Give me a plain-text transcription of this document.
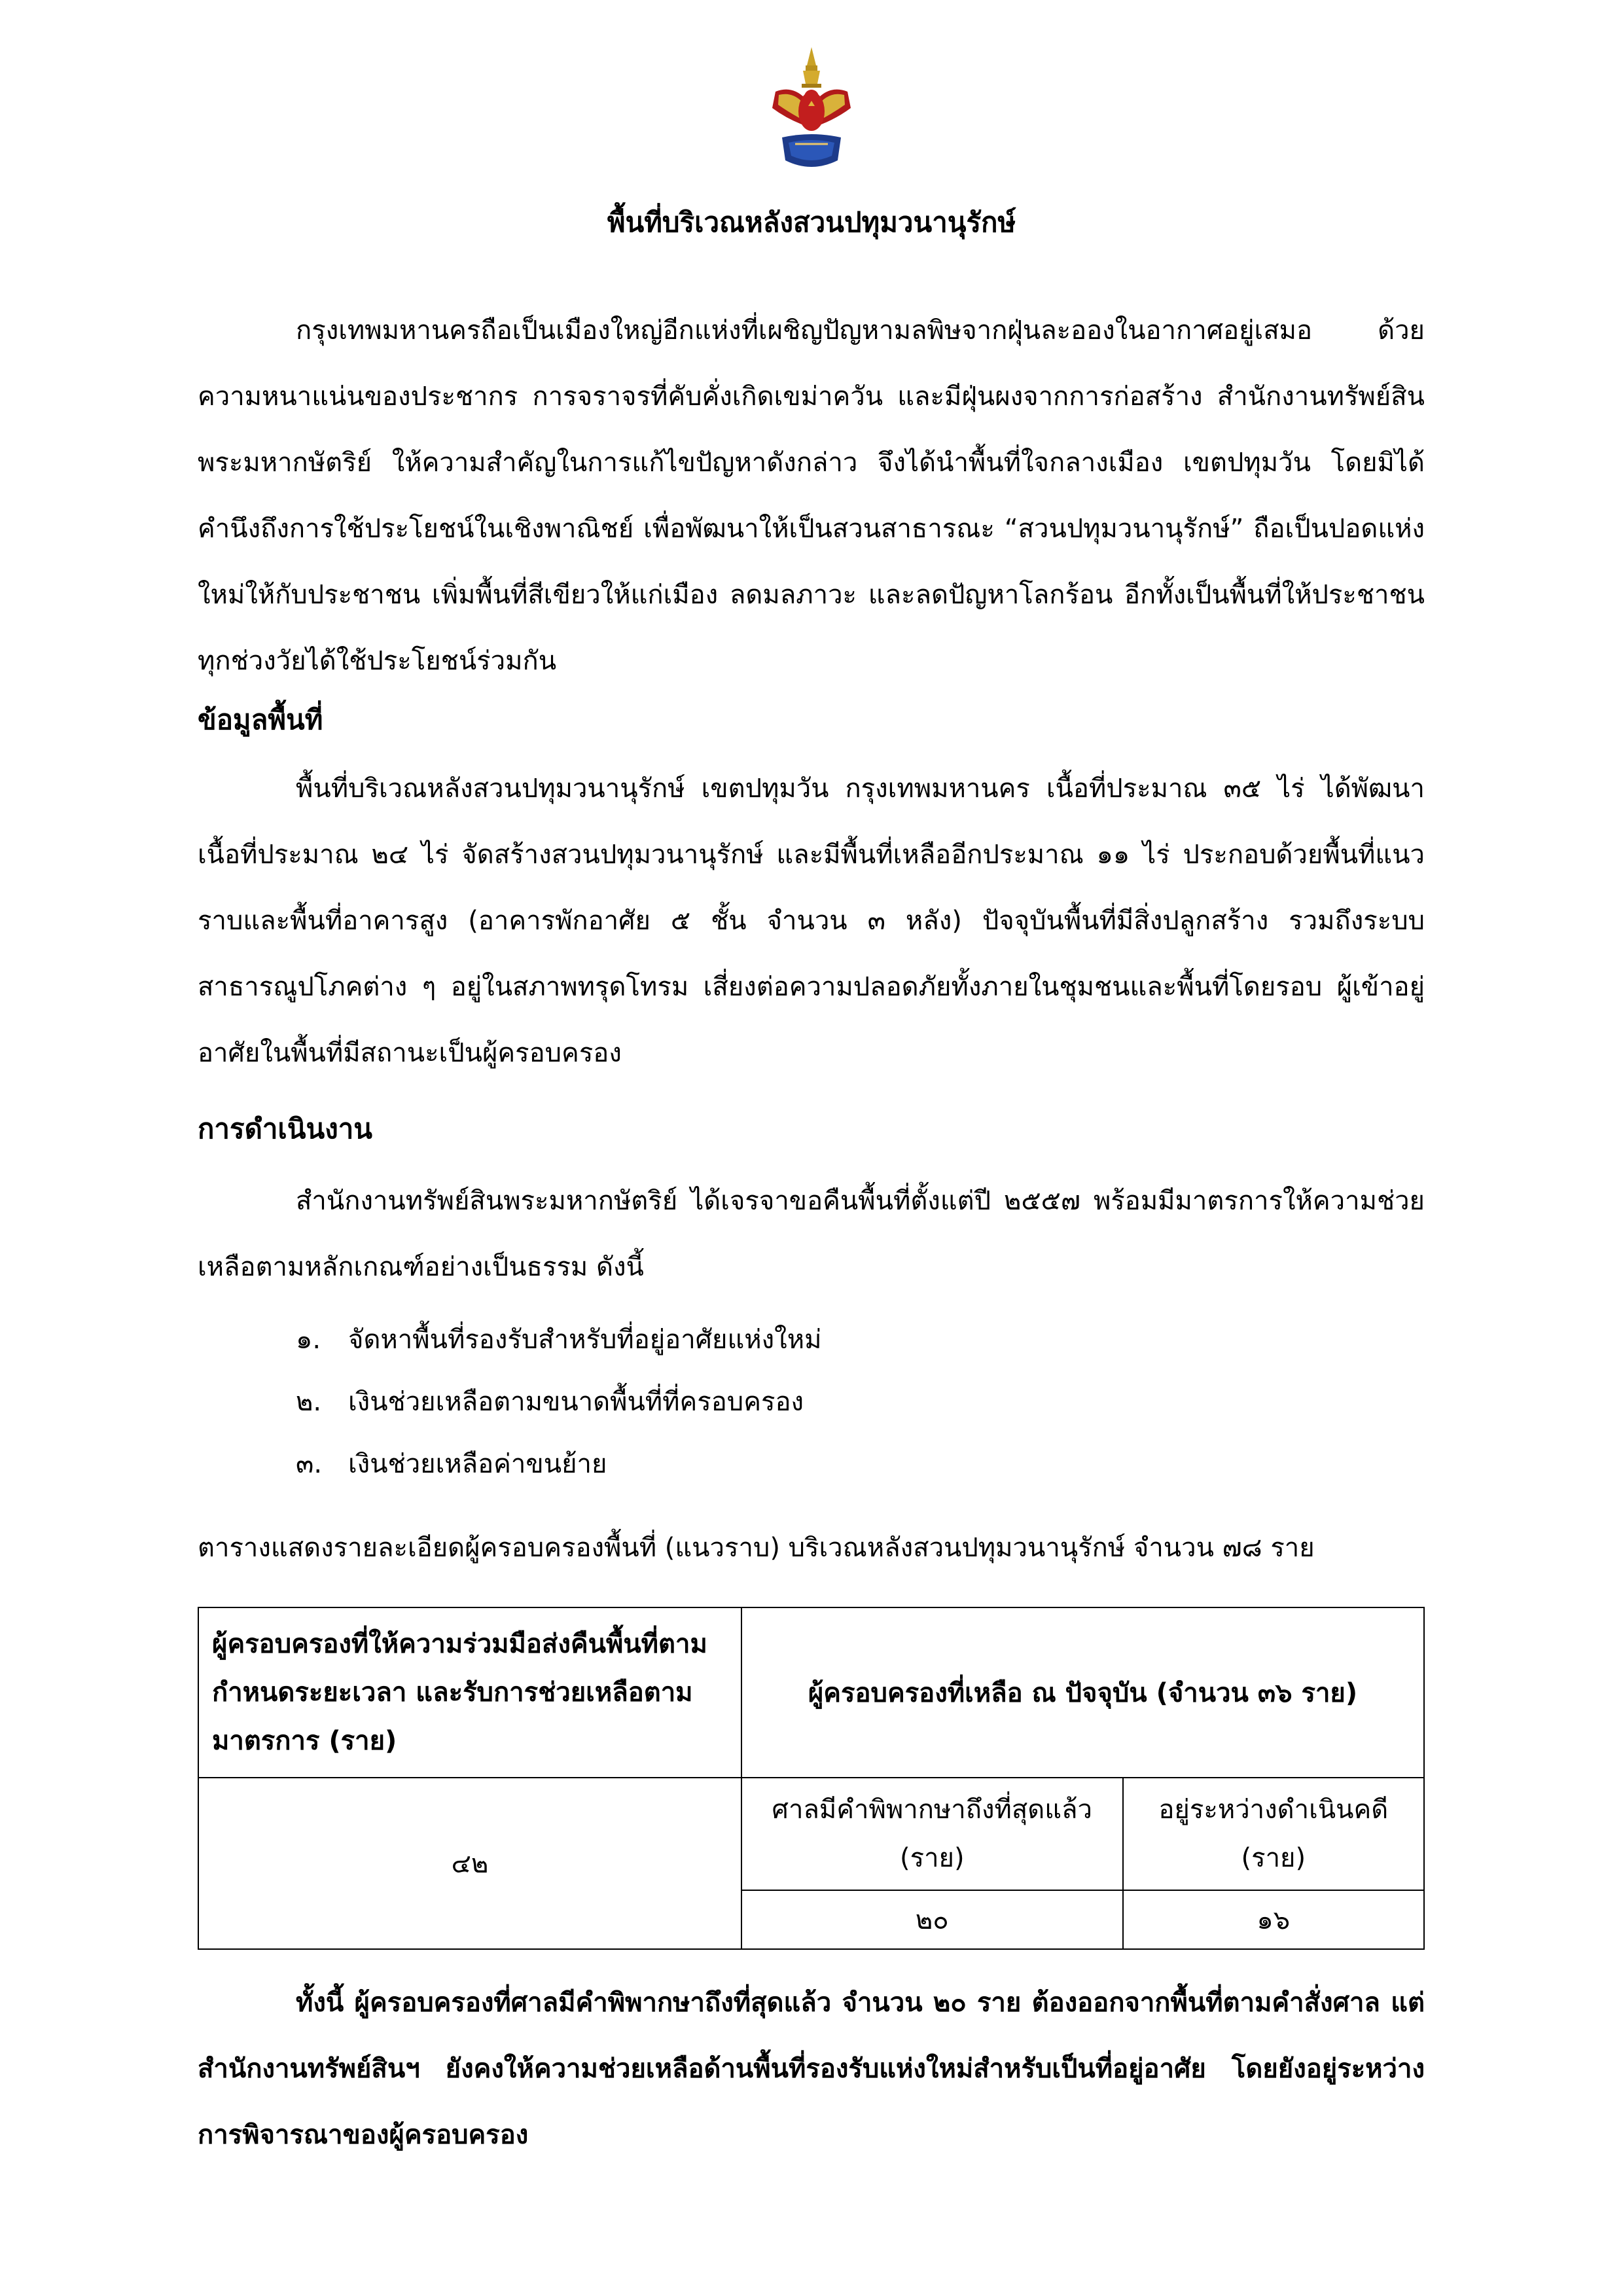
พื้นที่บริเวณหลังสวนปทุมวนานุรักษ์

กรุงเทพมหานครถือเป็นเมืองใหญ่อีกแห่งที่เผชิญปัญหามลพิษจากฝุ่นละอองในอากาศอยู่เสมอ ด้วยความหนาแน่นของประชากร การจราจรที่คับคั่งเกิดเขม่าควัน และมีฝุ่นผงจากการก่อสร้าง สำนักงานทรัพย์สินพระมหากษัตริย์ ให้ความสำคัญในการแก้ไขปัญหาดังกล่าว จึงได้นำพื้นที่ใจกลางเมือง เขตปทุมวัน โดยมิได้คำนึงถึงการใช้ประโยชน์ในเชิงพาณิชย์ เพื่อพัฒนาให้เป็นสวนสาธารณะ “สวนปทุมวนานุรักษ์” ถือเป็นปอดแห่งใหม่ให้กับประชาชน เพิ่มพื้นที่สีเขียวให้แก่เมือง ลดมลภาวะ และลดปัญหาโลกร้อน อีกทั้งเป็นพื้นที่ให้ประชาชนทุกช่วงวัยได้ใช้ประโยชน์ร่วมกัน

ข้อมูลพื้นที่

พื้นที่บริเวณหลังสวนปทุมวนานุรักษ์ เขตปทุมวัน กรุงเทพมหานคร เนื้อที่ประมาณ ๓๕ ไร่ ได้พัฒนาเนื้อที่ประมาณ ๒๔ ไร่ จัดสร้างสวนปทุมวนานุรักษ์ และมีพื้นที่เหลืออีกประมาณ ๑๑ ไร่ ประกอบด้วยพื้นที่แนวราบและพื้นที่อาคารสูง (อาคารพักอาศัย ๕ ชั้น จำนวน ๓ หลัง) ปัจจุบันพื้นที่มีสิ่งปลูกสร้าง รวมถึงระบบสาธารณูปโภคต่าง ๆ อยู่ในสภาพทรุดโทรม เสี่ยงต่อความปลอดภัยทั้งภายในชุมชนและพื้นที่โดยรอบ ผู้เข้าอยู่อาศัยในพื้นที่มีสถานะเป็นผู้ครอบครอง

การดำเนินงาน

สำนักงานทรัพย์สินพระมหากษัตริย์ ได้เจรจาขอคืนพื้นที่ตั้งแต่ปี ๒๕๕๗ พร้อมมีมาตรการให้ความช่วยเหลือตามหลักเกณฑ์อย่างเป็นธรรม ดังนี้

๑. จัดหาพื้นที่รองรับสำหรับที่อยู่อาศัยแห่งใหม่
๒. เงินช่วยเหลือตามขนาดพื้นที่ที่ครอบครอง
๓. เงินช่วยเหลือค่าขนย้าย

ตารางแสดงรายละเอียดผู้ครอบครองพื้นที่ (แนวราบ) บริเวณหลังสวนปทุมวนานุรักษ์ จำนวน ๗๘ ราย

ผู้ครอบครองที่ให้ความร่วมมือส่งคืนพื้นที่ตามกำหนดระยะเวลา และรับการช่วยเหลือตามมาตรการ (ราย)	ผู้ครอบครองที่เหลือ ณ ปัจจุบัน (จำนวน ๓๖ ราย)	
๔๒	ศาลมีคำพิพากษาถึงที่สุดแล้ว (ราย)	อยู่ระหว่างดำเนินคดี (ราย)
	๒๐	๑๖

ทั้งนี้ ผู้ครอบครองที่ศาลมีคำพิพากษาถึงที่สุดแล้ว จำนวน ๒๐ ราย ต้องออกจากพื้นที่ตามคำสั่งศาล แต่สำนักงานทรัพย์สินฯ ยังคงให้ความช่วยเหลือด้านพื้นที่รองรับแห่งใหม่สำหรับเป็นที่อยู่อาศัย โดยยังอยู่ระหว่างการพิจารณาของผู้ครอบครอง
